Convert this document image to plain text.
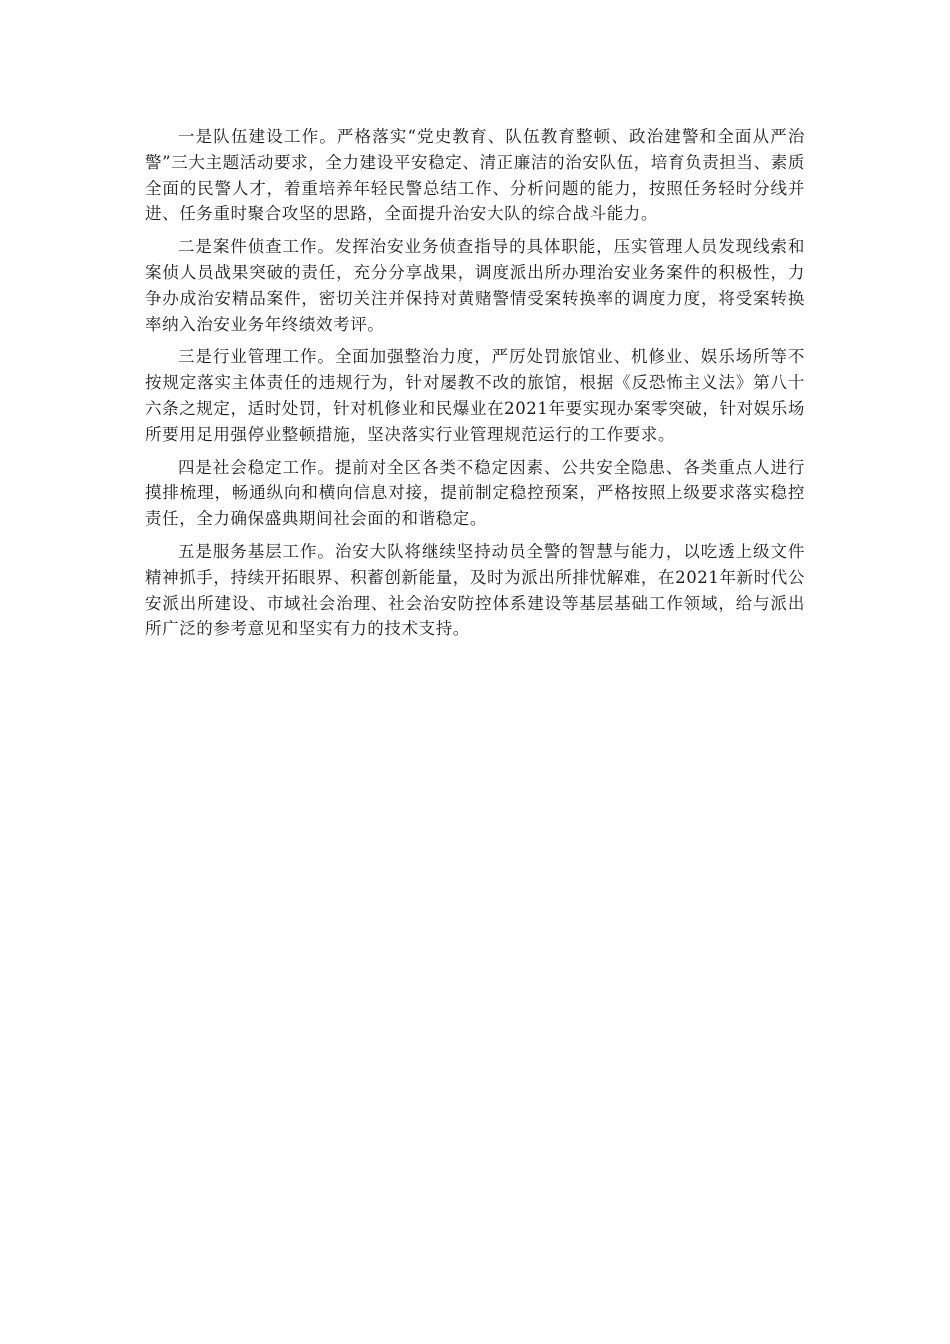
一是队伍建设工作。严格落实“党史教育、队伍教育整顿、政治建警和全面从严治警”三大主题活动要求，全力建设平安稳定、清正廉洁的治安队伍，培育负责担当、素质全面的民警人才，着重培养年轻民警总结工作、分析问题的能力，按照任务轻时分线并进、任务重时聚合攻坚的思路，全面提升治安大队的综合战斗能力。

二是案件侦查工作。发挥治安业务侦查指导的具体职能，压实管理人员发现线索和案侦人员战果突破的责任，充分分享战果，调度派出所办理治安业务案件的积极性，力争办成治安精品案件，密切关注并保持对黄赌警情受案转换率的调度力度，将受案转换率纳入治安业务年终绩效考评。

三是行业管理工作。全面加强整治力度，严厉处罚旅馆业、机修业、娱乐场所等不按规定落实主体责任的违规行为，针对屡教不改的旅馆，根据《反恐怖主义法》第八十六条之规定，适时处罚，针对机修业和民爆业在2021年要实现办案零突破，针对娱乐场所要用足用强停业整顿措施，坚决落实行业管理规范运行的工作要求。

四是社会稳定工作。提前对全区各类不稳定因素、公共安全隐患、各类重点人进行摸排梳理，畅通纵向和横向信息对接，提前制定稳控预案，严格按照上级要求落实稳控责任，全力确保盛典期间社会面的和谐稳定。

五是服务基层工作。治安大队将继续坚持动员全警的智慧与能力，以吃透上级文件精神抓手，持续开拓眼界、积蓄创新能量，及时为派出所排忧解难，在2021年新时代公安派出所建设、市域社会治理、社会治安防控体系建设等基层基础工作领域，给与派出所广泛的参考意见和坚实有力的技术支持。
